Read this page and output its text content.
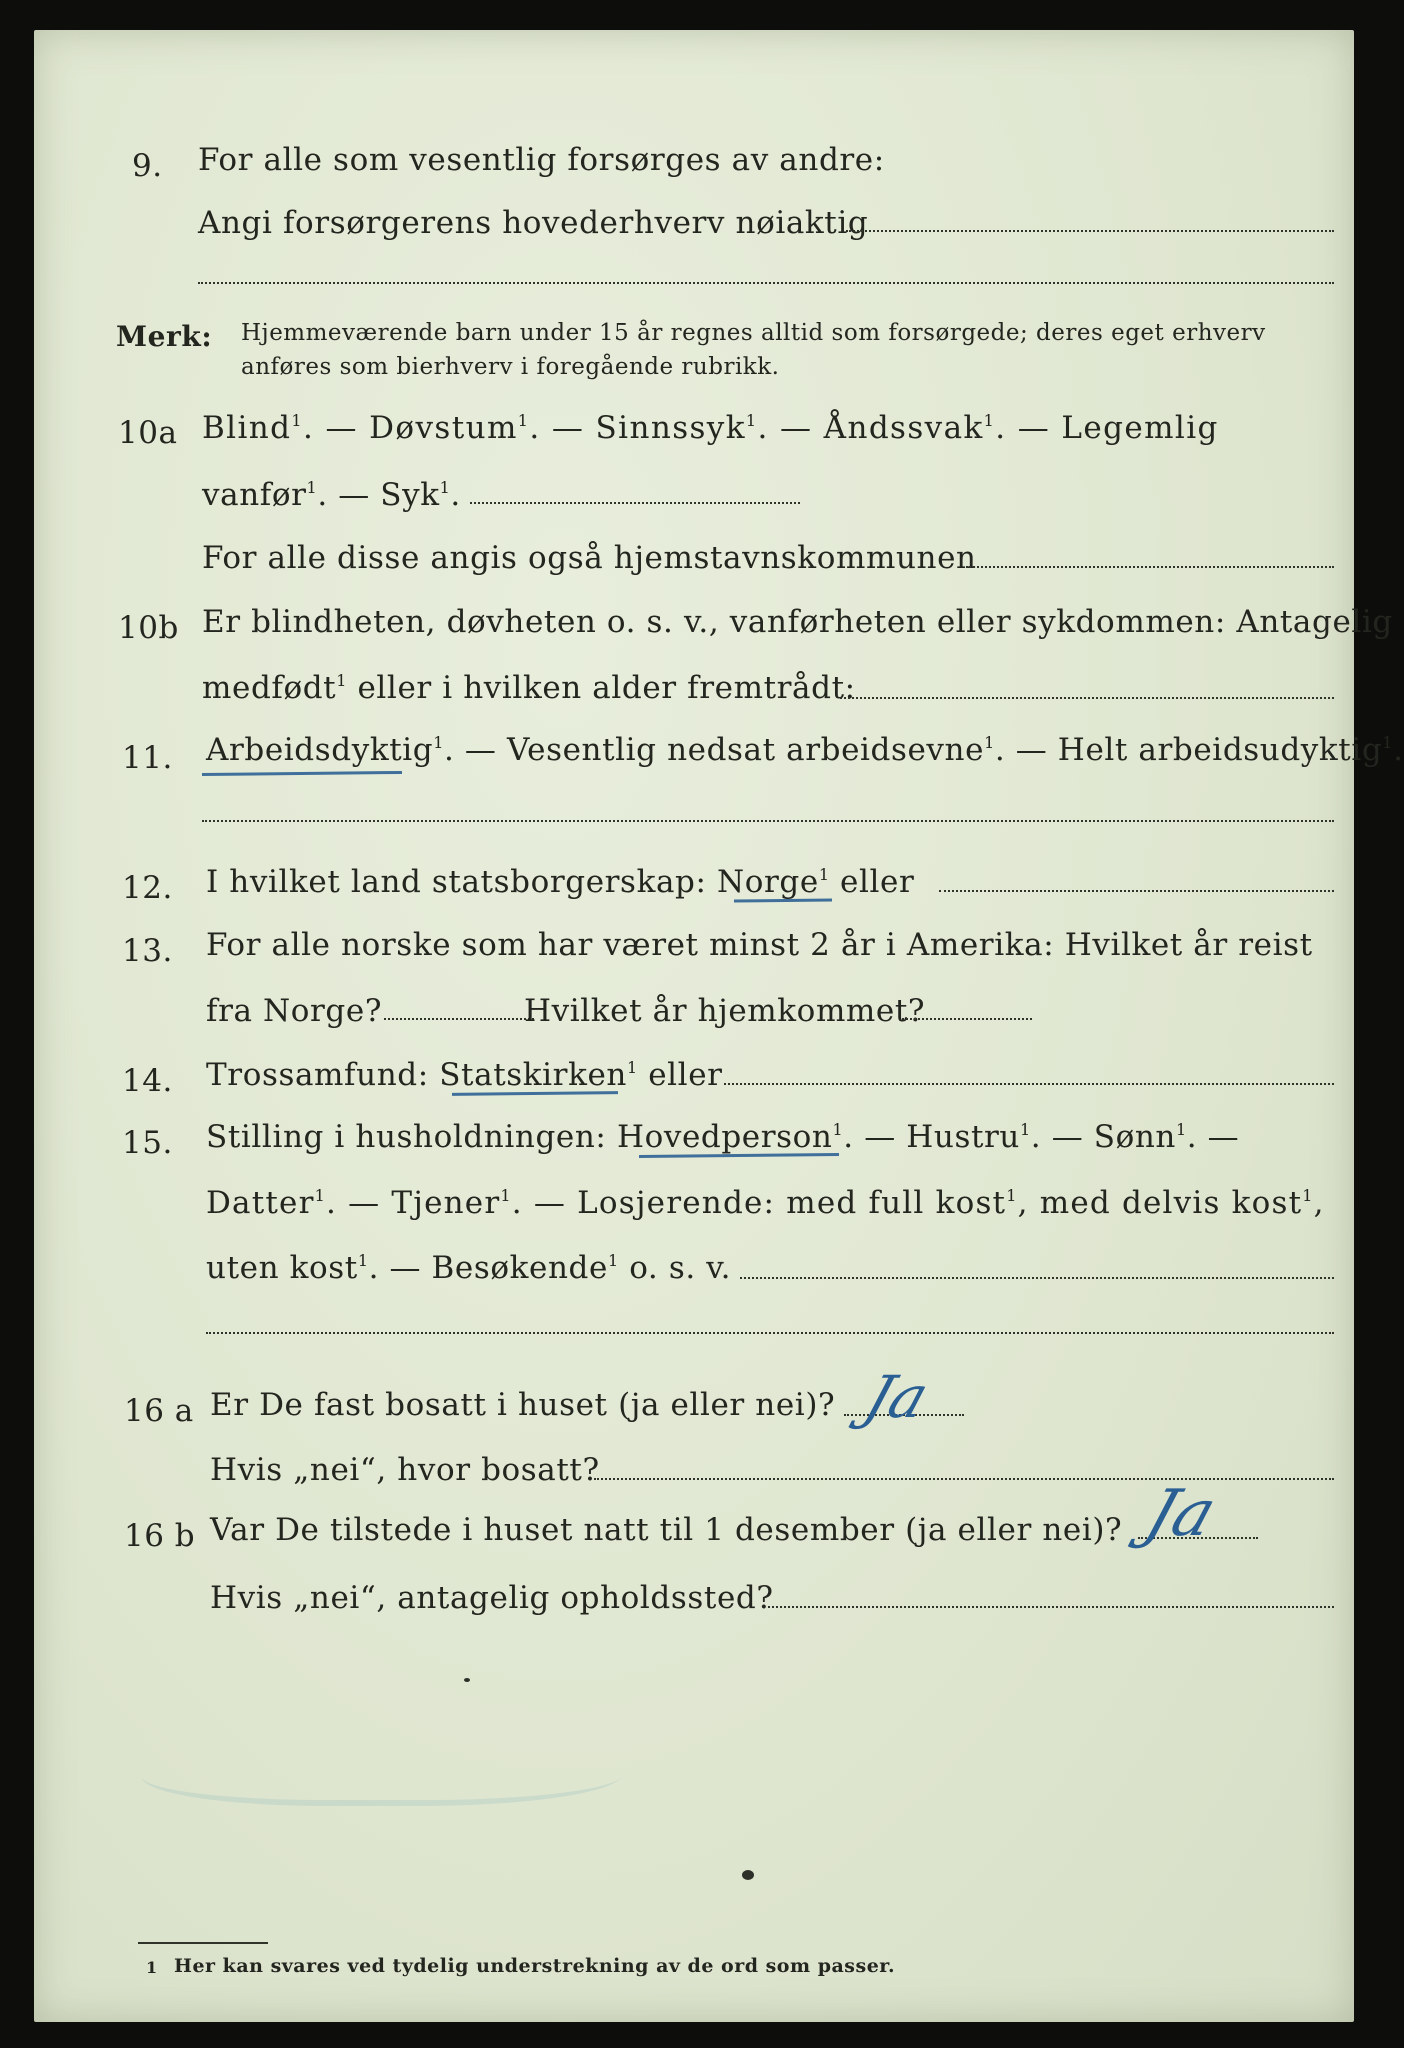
9. For alle som vesentlig forsørges av andre:
Angi forsørgerens hovederhverv nøiaktig
Merk: Hjemmeværende barn under 15 år regnes alltid som forsørgede; deres eget erhverv
anføres som bierhverv i foregående rubrikk.
10a Blind$^1$. — Døvstum$^1$. — Sinnssyk$^1$. — Åndssvak$^1$. — Legemlig
vanfør$^1$. — Syk$^1$.
For alle disse angis også hjemstavnskommunen
10b Er blindheten, døvheten o. s. v., vanførheten eller sykdommen: Antagelig
medfødt$^1$ eller i hvilken alder fremtrådt:
11. Arbeidsdyktig$^1$. — Vesentlig nedsat arbeidsevne$^1$. — Helt arbeidsudyktig$^1$.
12. I hvilket land statsborgerskap: Norge$^1$ eller
13. For alle norske som har været minst 2 år i Amerika: Hvilket år reist
fra Norge?	Hvilket år hjemkommet?
14. Trossamfund: Statskirken$^1$ eller
15. Stilling i husholdningen: Hovedperson$^1$. — Hustru$^1$. — Sønn$^1$. —
Datter$^1$. — Tjener$^1$. — Losjerende: med full kost$^1$, med delvis kost$^1$,
uten kost$^1$. — Besøkende$^1$ o. s. v.
16 a Er De fast bosatt i huset (ja eller nei)? Ja
Hvis „nei“, hvor bosatt?
16 b Var De tilstede i huset natt til 1 desember (ja eller nei)? Ja
Hvis „nei“, antagelig opholdssted?
1 Her kan svares ved tydelig understrekning av de ord som passer.
